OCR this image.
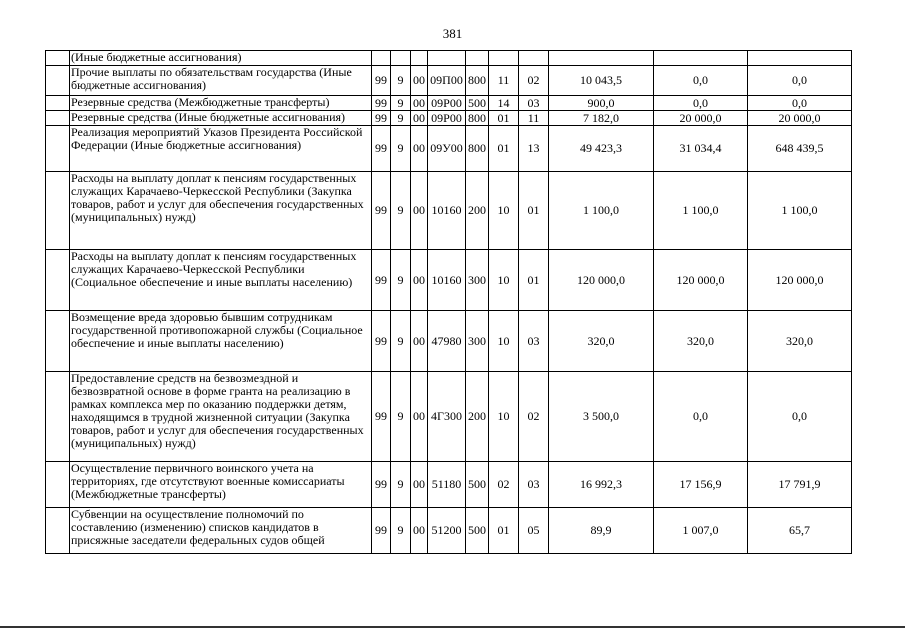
381
	(Иные бюджетные ассигнования)										
	Прочие выплаты по обязательствам государства (Иные бюджетные ассигнования)	99	9	00	09П00	800	11	02	10 043,5	0,0	0,0
	Резервные средства (Межбюджетные трансферты)	99	9	00	09Р00	500	14	03	900,0	0,0	0,0
	Резервные средства (Иные бюджетные ассигнования)	99	9	00	09Р00	800	01	11	7 182,0	20 000,0	20 000,0
	Реализация мероприятий Указов Президента Российской Федерации (Иные бюджетные ассигнования)	99	9	00	09У00	800	01	13	49 423,3	31 034,4	648 439,5
	Расходы на выплату доплат к пенсиям государственных служащих Карачаево-Черкесской Республики (Закупка товаров, работ и услуг для обеспечения государственных (муниципальных) нужд)	99	9	00	10160	200	10	01	1 100,0	1 100,0	1 100,0
	Расходы на выплату доплат к пенсиям государственных служащих Карачаево-Черкесской Республики (Социальное обеспечение и иные выплаты населению)	99	9	00	10160	300	10	01	120 000,0	120 000,0	120 000,0
	Возмещение вреда здоровью бывшим сотрудникам государственной противопожарной службы (Социальное обеспечение и иные выплаты населению)	99	9	00	47980	300	10	03	320,0	320,0	320,0
	Предоставление средств на безвозмездной и безвозвратной основе в форме гранта на реализацию в рамках комплекса мер по оказанию поддержки детям, находящимся в трудной жизненной ситуации (Закупка товаров, работ и услуг для обеспечения государственных (муниципальных) нужд)	99	9	00	4Г300	200	10	02	3 500,0	0,0	0,0
	Осуществление первичного воинского учета на территориях, где отсутствуют военные комиссариаты (Межбюджетные трансферты)	99	9	00	51180	500	02	03	16 992,3	17 156,9	17 791,9
	Субвенции на осуществление полномочий по составлению (изменению) списков кандидатов в присяжные заседатели федеральных судов общей	99	9	00	51200	500	01	05	89,9	1 007,0	65,7
